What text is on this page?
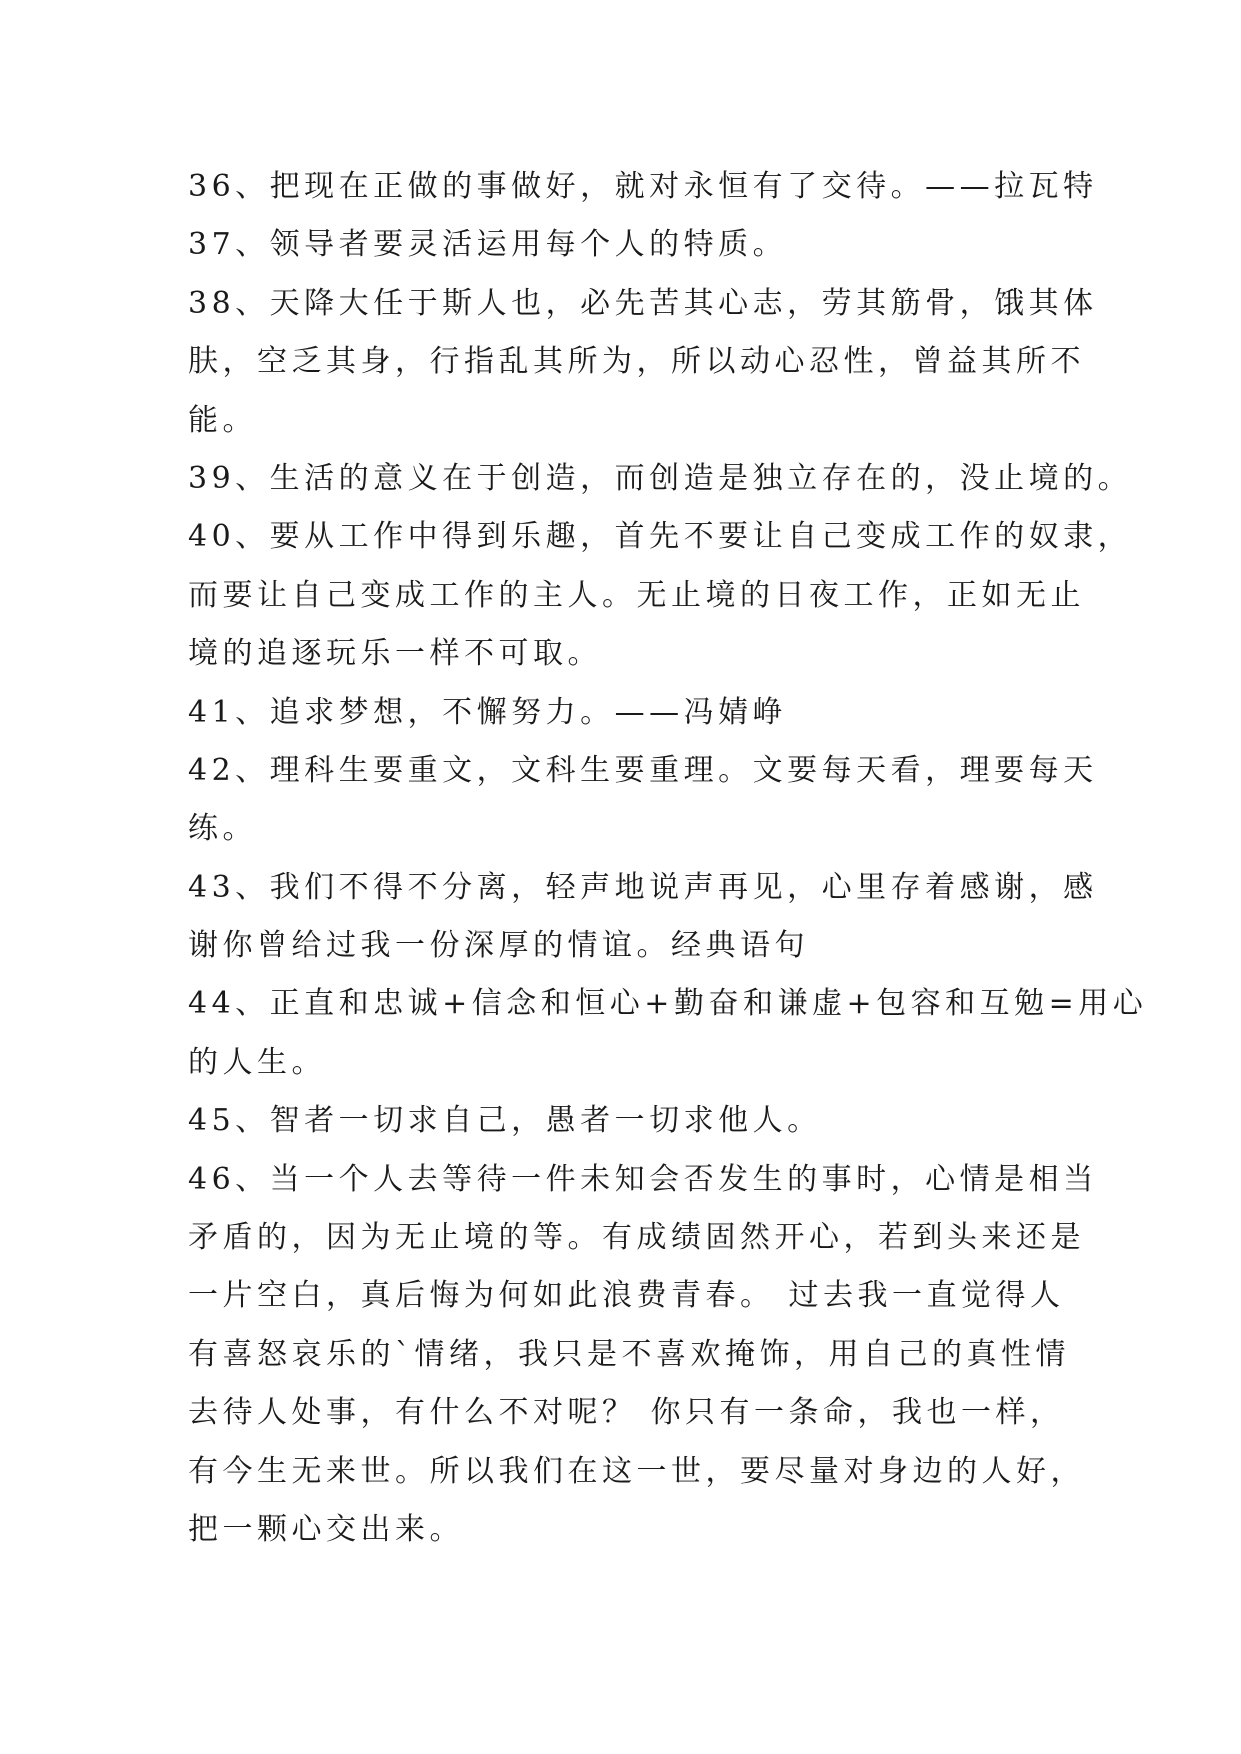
36、把现在正做的事做好，就对永恒有了交待。——拉瓦特
37、领导者要灵活运用每个人的特质。
38、天降大任于斯人也，必先苦其心志，劳其筋骨，饿其体
肤，空乏其身，行指乱其所为，所以动心忍性，曾益其所不
能。
39、生活的意义在于创造，而创造是独立存在的，没止境的。
40、要从工作中得到乐趣，首先不要让自己变成工作的奴隶，
而要让自己变成工作的主人。无止境的日夜工作，正如无止
境的追逐玩乐一样不可取。
41、追求梦想，不懈努力。——冯婧峥
42、理科生要重文，文科生要重理。文要每天看，理要每天
练。
43、我们不得不分离，轻声地说声再见，心里存着感谢，感
谢你曾给过我一份深厚的情谊。经典语句
44、正直和忠诚+信念和恒心+勤奋和谦虚+包容和互勉=用心
的人生。
45、智者一切求自己，愚者一切求他人。
46、当一个人去等待一件未知会否发生的事时，心情是相当
矛盾的，因为无止境的等。有成绩固然开心，若到头来还是
一片空白，真后悔为何如此浪费青春。 过去我一直觉得人
有喜怒哀乐的`情绪，我只是不喜欢掩饰，用自己的真性情
去待人处事，有什么不对呢？ 你只有一条命，我也一样，
有今生无来世。所以我们在这一世，要尽量对身边的人好，
把一颗心交出来。
